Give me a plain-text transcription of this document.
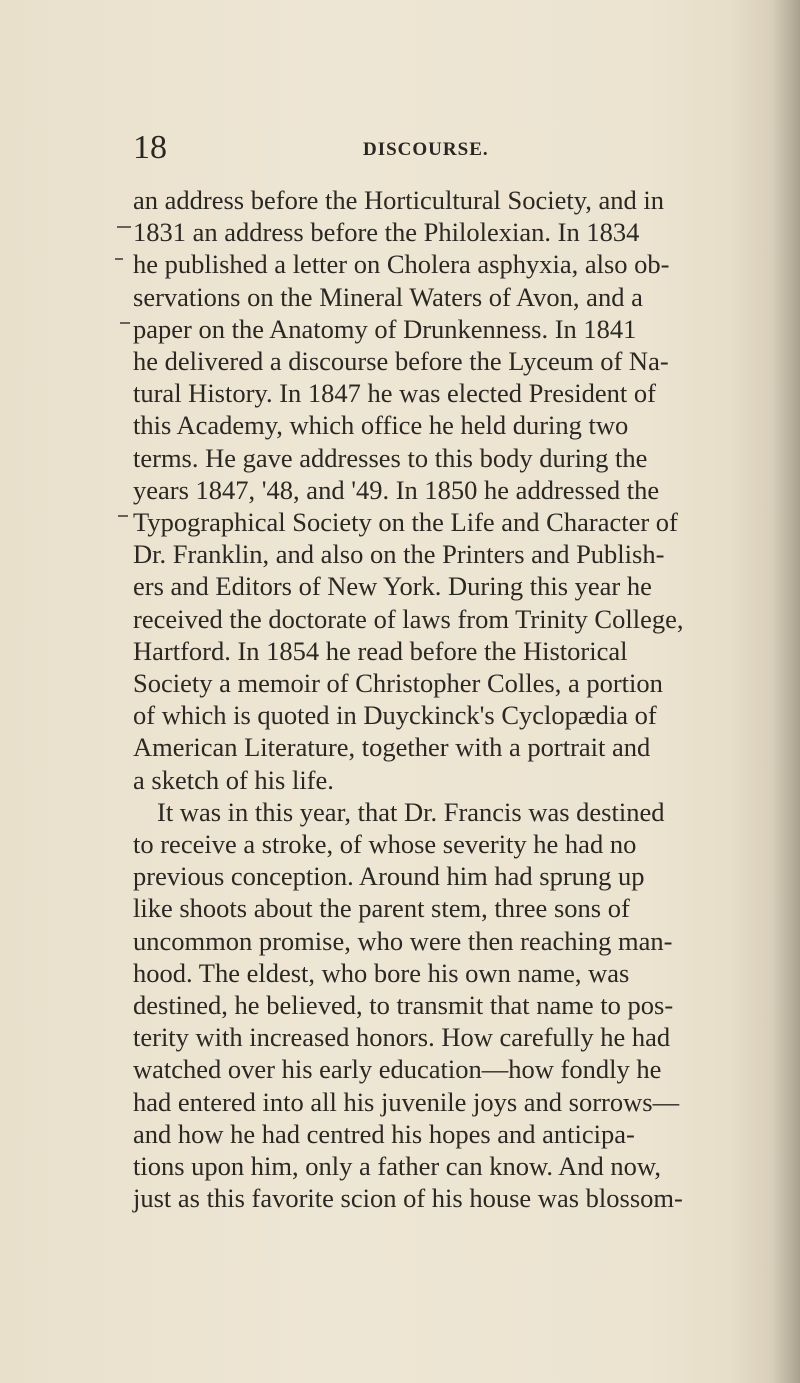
18	DISCOURSE.
an address before the Horticultural Society, and in
1831 an address before the Philolexian. In 1834
he published a letter on Cholera asphyxia, also ob-
servations on the Mineral Waters of Avon, and a
paper on the Anatomy of Drunkenness. In 1841
he delivered a discourse before the Lyceum of Na-
tural History. In 1847 he was elected President of
this Academy, which office he held during two
terms. He gave addresses to this body during the
years 1847, '48, and '49. In 1850 he addressed the
Typographical Society on the Life and Character of
Dr. Franklin, and also on the Printers and Publish-
ers and Editors of New York. During this year he
received the doctorate of laws from Trinity College,
Hartford. In 1854 he read before the Historical
Society a memoir of Christopher Colles, a portion
of which is quoted in Duyckinck's Cyclopædia of
American Literature, together with a portrait and
a sketch of his life.
It was in this year, that Dr. Francis was destined
to receive a stroke, of whose severity he had no
previous conception. Around him had sprung up
like shoots about the parent stem, three sons of
uncommon promise, who were then reaching man-
hood. The eldest, who bore his own name, was
destined, he believed, to transmit that name to pos-
terity with increased honors. How carefully he had
watched over his early education—how fondly he
had entered into all his juvenile joys and sorrows—
and how he had centred his hopes and anticipa-
tions upon him, only a father can know. And now,
just as this favorite scion of his house was blossom-
